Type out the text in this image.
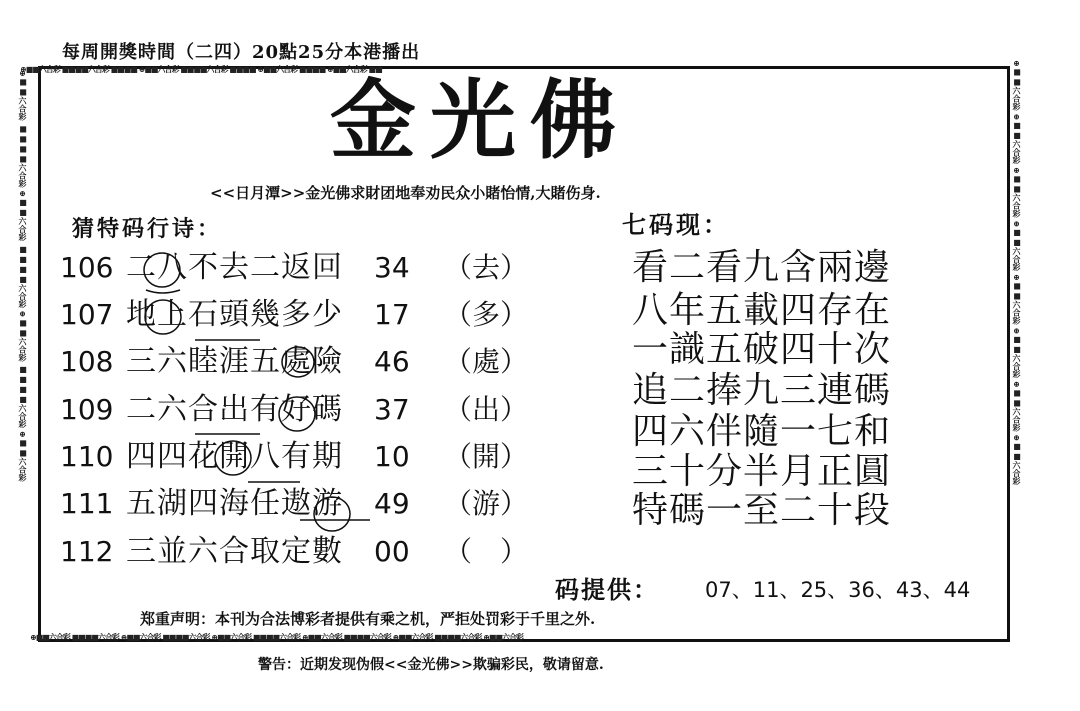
每周開獎時間（二四）20點25分本港播出
⊕■■六合彩 ■■■■六合彩 ■■■■ ⊕■■六合彩 ■■■■六合彩 ■■■■ ⊕■■六合彩 ■■■■ ⊕■■六合彩 ■■
⊕■■六合彩 ■■■■六合彩 ⊕■■六合彩 ■■■■六合彩 ⊕■■六合彩 ■■■■六合彩 ⊕■■六合彩 ■■■■六合彩 ⊕■■六合彩 ■■■■六合彩 ⊕■■六合彩
⊕■■六合彩 ■■■■六合彩 ⊕■■六合彩 ■■■■六合彩 ⊕■■六合彩 ■■■■六合彩 ⊕■■六合彩	⊕■■六合彩 ⊕■■六合彩 ⊕■■六合彩 ⊕■■六合彩 ⊕■■六合彩 ⊕■■六合彩 ⊕■■六合彩 ⊕■■六合彩
金光佛
<<日月潭>>金光佛求財团地奉劝民众小賭怡情,大賭伤身.
猜特码行诗：	七码现：
106 二八不去二返回 34 （去）
107 地上石頭幾多少 17 （多）
108 三六睦涯五處險 46 （處）
109 二六合出有好碼 37 （出）
110 四四花開八有期 10 （開）
111 五湖四海任遨游 49 （游）
112 三並六合取定數 00 （　）
看二看九含兩邊
八年五載四存在
一識五破四十次
追二捧九三連碼
四六伴隨一七和
三十分半月正圓
特碼一至二十段
码提供： 07、11、25、36、43、44
郑重声明：本刊为合法博彩者提供有乘之机，严拒处罚彩于千里之外.
警告：近期发现伪假<<金光佛>>欺骗彩民，敬请留意.
